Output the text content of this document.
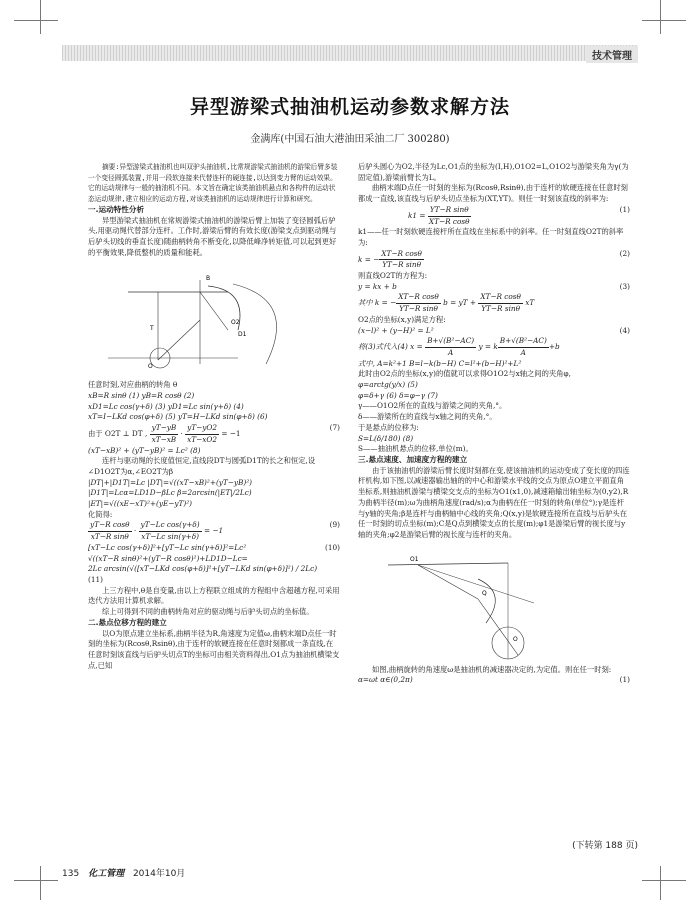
技术管理
异型游梁式抽油机运动参数求解方法
金满库(中国石油大港油田采油二厂 300280)

摘要:异型游梁式抽油机也叫双驴头抽油机,比常规游梁式抽油机的游梁后臂多装一个变径圆弧装置,并用一段软连接来代替连杆的硬连接,以达到变力臂的运动效果。它的运动规律与一般的抽油机不同。本文旨在确定该类抽油机悬点和各构件的运动状态运动规律,建立相应的运动方程,对该类抽油机的运动规律进行计算和研究。

一.运动特性分析

异型游梁式抽油机在常规游梁式抽油机的游梁后臂上加装了变径圆弧后驴头,用驱动绳代替部分连杆。工作时,游梁后臂的有效长度(游梁支点到驱动绳与后驴头切线的垂直长度)随曲柄转角不断变化,以降低峰净转矩值,可以起到更好的平衡效果,降低整机的质量和能耗。

B
O2
D1
T
O

任意时刻,对应曲柄的转角 θ

xB=R sinθ (1) yB=R cosθ (2)

xD1=Lc cos(γ+δ) (3) yD1=Lc sin(γ+δ) (4)

xT=I−LKd cos(φ+δ) (5) yT=H−LKd sin(φ+δ) (6)

由于 O2T ⊥ DT , $\frac{yT-yB}{xT-xB} \cdot \frac{yT-yO2}{xT-xO2} = -1$
(7)

(xT−xB)² + (yT−yB)² = Lc² (8)

连杆与驱动绳的长度值恒定,直线段DT与圆弧D1T的长之和恒定,设∠D1O2T为α,∠EO2T为β

|DT|+|D1T|=Lc |DT|=√((xT−xB)²+(yT−yB)²)

|D1T|=Lcα=LD1D−βLc β=2arcsin(|ET|/2Lc)

|ET|=√((xE−xT)²+(yE−yT)²)

化简得:

$\frac{\text{yT−R cosθ}}{\text{xT−R sinθ}} \cdot \frac{\text{yT−Lc cos(γ+δ)}}{\text{xT−Lc sin(γ+δ)}} = -1$
(9)

[xT−Lc cos(γ+δ)]²+[yT−Lc sin(γ+δ)]²=Lc²	(10)

√((xT−R sinθ)²+(yT−R cosθ)²)+LD1D−Lc=

2Lc arcsin(√([xT−LKd cos(φ+δ)]²+[yT−LKd sin(φ+δ)]²) / 2Lc)

(11)

上三方程中,θ是自变量,由以上方程联立组成的方程组中含超越方程,可采用迭代方法用计算机求解。

综上可得到不同的曲柄转角对应的驱动绳与后驴头切点的坐标值。

二.悬点位移方程的建立

以O为原点建立坐标系,曲柄半径为R,角速度为定值ω,曲柄末端D点任一时刻的坐标为(Rcosθ,Rsinθ),由于连杆的软硬连接在任意时刻都成一条直线,在任意时刻该直线与后驴头切点T的坐标可由相关资料得出,O1点为抽油机横梁支点,已知

后驴头圆心为O2,半径为Lc,O1点的坐标为(I,H),O1O2=L,O1O2与游梁夹角为γ(为固定值),游梁前臂长为L。

曲柄末端D点任一时刻的坐标为(Rcosθ,Rsinθ),由于连杆的软硬连接在任意时刻都成一直线,该直线与后驴头切点坐标为(XT,YT)。则任一时刻该直线的斜率为:

$k1 = \frac{\text{YT−R sinθ}}{\text{XT−R cosθ}}$	(1)

k1——任一时刻软硬连接杆所在直线在坐标系中的斜率。任一时刻直线O2T的斜率为:

k = − $\frac{\text{XT−R cosθ}}{\text{YT−R sinθ}}$	(2)

则直线O2T的方程为:

y = kx + b	(3)

其中 k = − $\frac{\text{XT−R cosθ}}{\text{YT−R sinθ}}$ b = yT + $\frac{\text{XT−R cosθ}}{\text{YT−R sinθ}}$ xT

O2点的坐标(x,y)满足方程:

(x−l)² + (y−H)² = L²	(4)

将(3)式代入(4) $x = \frac{\text{B+√(B²−AC)}}{A}$ y = k $\frac{\text{B+√(B²−AC)}}{A} +b$

式中, A=k²+1 B=l−k(b−H) C=l²+(b−H)²+L²

此时由O2点的坐标(x,y)的值就可以求得O1O2与x轴之间的夹角φ,

φ=arctg(y/x) (5)

φ=δ+γ (6) δ=φ−γ (7)

γ——O1O2所在的直线与游梁之间的夹角,°。

δ——游梁所在的直线与x轴之间的夹角,°。

于是悬点的位移为:

S=L(δ/180) (8)

S——抽油机悬点的位移,单位(m)。

三.悬点速度、加速度方程的建立

由于该抽油机的游梁后臂长度时刻都在变,使该抽油机的运动变成了变长度的四连杆机构,如下图,以减速器输出轴的的中心和游梁水平线的交点为原点O建立平面直角坐标系,则抽油机游梁与横梁交支点的坐标为O1(x1,0),减速箱输出轴坐标为(0,y2),R为曲柄半径(m);ω为曲柄角速度(rad/s);α为曲柄在任一时刻的转角(单位°);γ是连杆与y轴的夹角;β是连杆与曲柄轴中心线的夹角;Q(x,y)是软硬连接所在直线与后驴头在任一时刻的切点坐标(m);C是Q点到横梁支点的长度(m);φ1是游梁后臂的视长度与y轴的夹角;φ2是游梁后臂的视长度与连杆的夹角。

O1
Q
O

如图,曲柄旋转的角速度ω是抽油机的减速器决定的,为定值。则在任一时刻:

α=ωt α∈(0,2π)	(1)

(下转第 188 页)
135 化工管理 2014年10月
